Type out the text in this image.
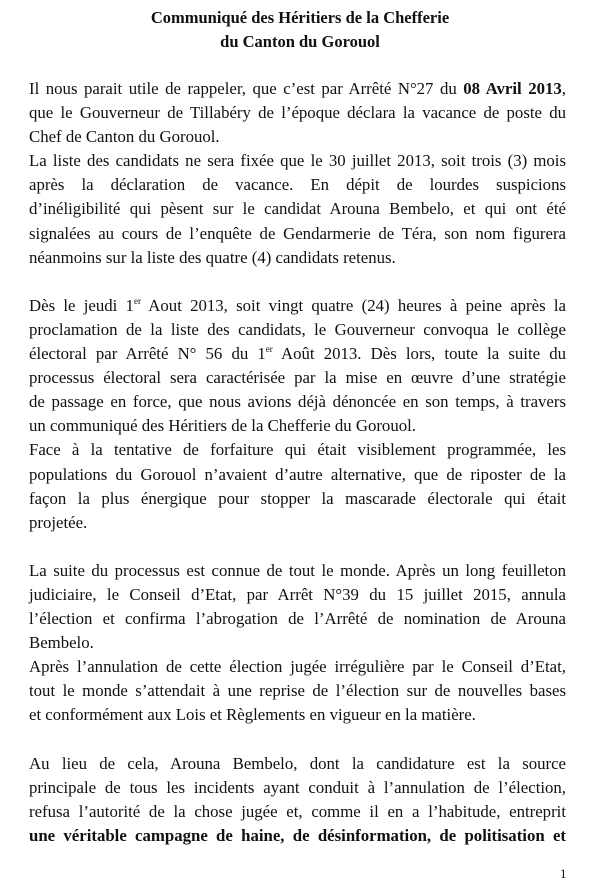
Communiqué des Héritiers de la Chefferie
du Canton du Gorouol
Il nous parait utile de rappeler, que c’est par Arrêté N°27 du 08 Avril 2013,
que le Gouverneur de Tillabéry de l’époque déclara la vacance de poste du
Chef de Canton du Gorouol.
La liste des candidats ne sera fixée que le 30 juillet 2013, soit trois (3) mois
après la déclaration de vacance. En dépit de lourdes suspicions
d’inéligibilité qui pèsent sur le candidat Arouna Bembelo, et qui ont été
signalées au cours de l’enquête de Gendarmerie de Téra, son nom figurera
néanmoins sur la liste des quatre (4) candidats retenus.
Dès le jeudi 1er Aout 2013, soit vingt quatre (24) heures à peine après la
proclamation de la liste des candidats, le Gouverneur convoqua le collège
électoral par Arrêté N° 56 du 1er Août 2013. Dès lors, toute la suite du
processus électoral sera caractérisée par la mise en œuvre d’une stratégie
de passage en force, que nous avions déjà dénoncée en son temps, à travers
un communiqué des Héritiers de la Chefferie du Gorouol.
Face à la tentative de forfaiture qui était visiblement programmée, les
populations du Gorouol n’avaient d’autre alternative, que de riposter de la
façon la plus énergique pour stopper la mascarade électorale qui était
projetée.
La suite du processus est connue de tout le monde. Après un long feuilleton
judiciaire, le Conseil d’Etat, par Arrêt N°39 du 15 juillet 2015, annula
l’élection et confirma l’abrogation de l’Arrêté de nomination de Arouna
Bembelo.
Après l’annulation de cette élection jugée irrégulière par le Conseil d’Etat,
tout le monde s’attendait à une reprise de l’élection sur de nouvelles bases
et conformément aux Lois et Règlements en vigueur en la matière.
Au lieu de cela, Arouna Bembelo, dont la candidature est la source
principale de tous les incidents ayant conduit à l’annulation de l’élection,
refusa l’autorité de la chose jugée et, comme il en a l’habitude, entreprit
une véritable campagne de haine, de désinformation, de politisation et
1
